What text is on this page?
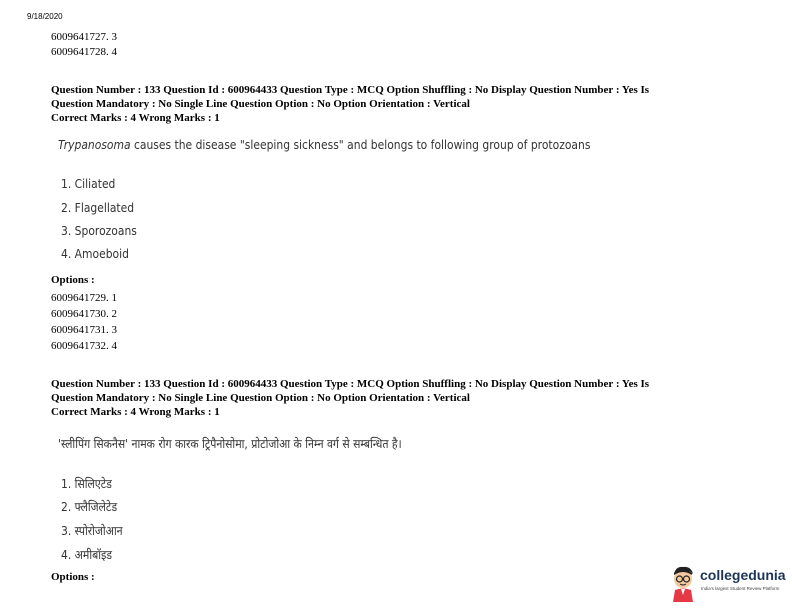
9/18/2020
6009641727. 3
6009641728. 4
Question Number : 133 Question Id : 600964433 Question Type : MCQ Option Shuffling : No Display Question Number : Yes Is
Question Mandatory : No Single Line Question Option : No Option Orientation : Vertical
Correct Marks : 4 Wrong Marks : 1
Trypanosoma causes the disease "sleeping sickness" and belongs to following group of protozoans
1. Ciliated
2. Flagellated
3. Sporozoans
4. Amoeboid
Options :
6009641729. 1
6009641730. 2
6009641731. 3
6009641732. 4
Question Number : 133 Question Id : 600964433 Question Type : MCQ Option Shuffling : No Display Question Number : Yes Is
Question Mandatory : No Single Line Question Option : No Option Orientation : Vertical
Correct Marks : 4 Wrong Marks : 1
'स्लीपिंग सिकनैस' नामक रोग कारक ट्रिपैनोसोमा, प्रोटोजोआ के निम्न वर्ग से सम्बन्धित है।
1. सिलिएटेड
2. फ्लैजिलेटेड
3. स्पोरोजोआन
4. अमीबॉइड
Options :	collegedunia
India's largest Student Review Platform
